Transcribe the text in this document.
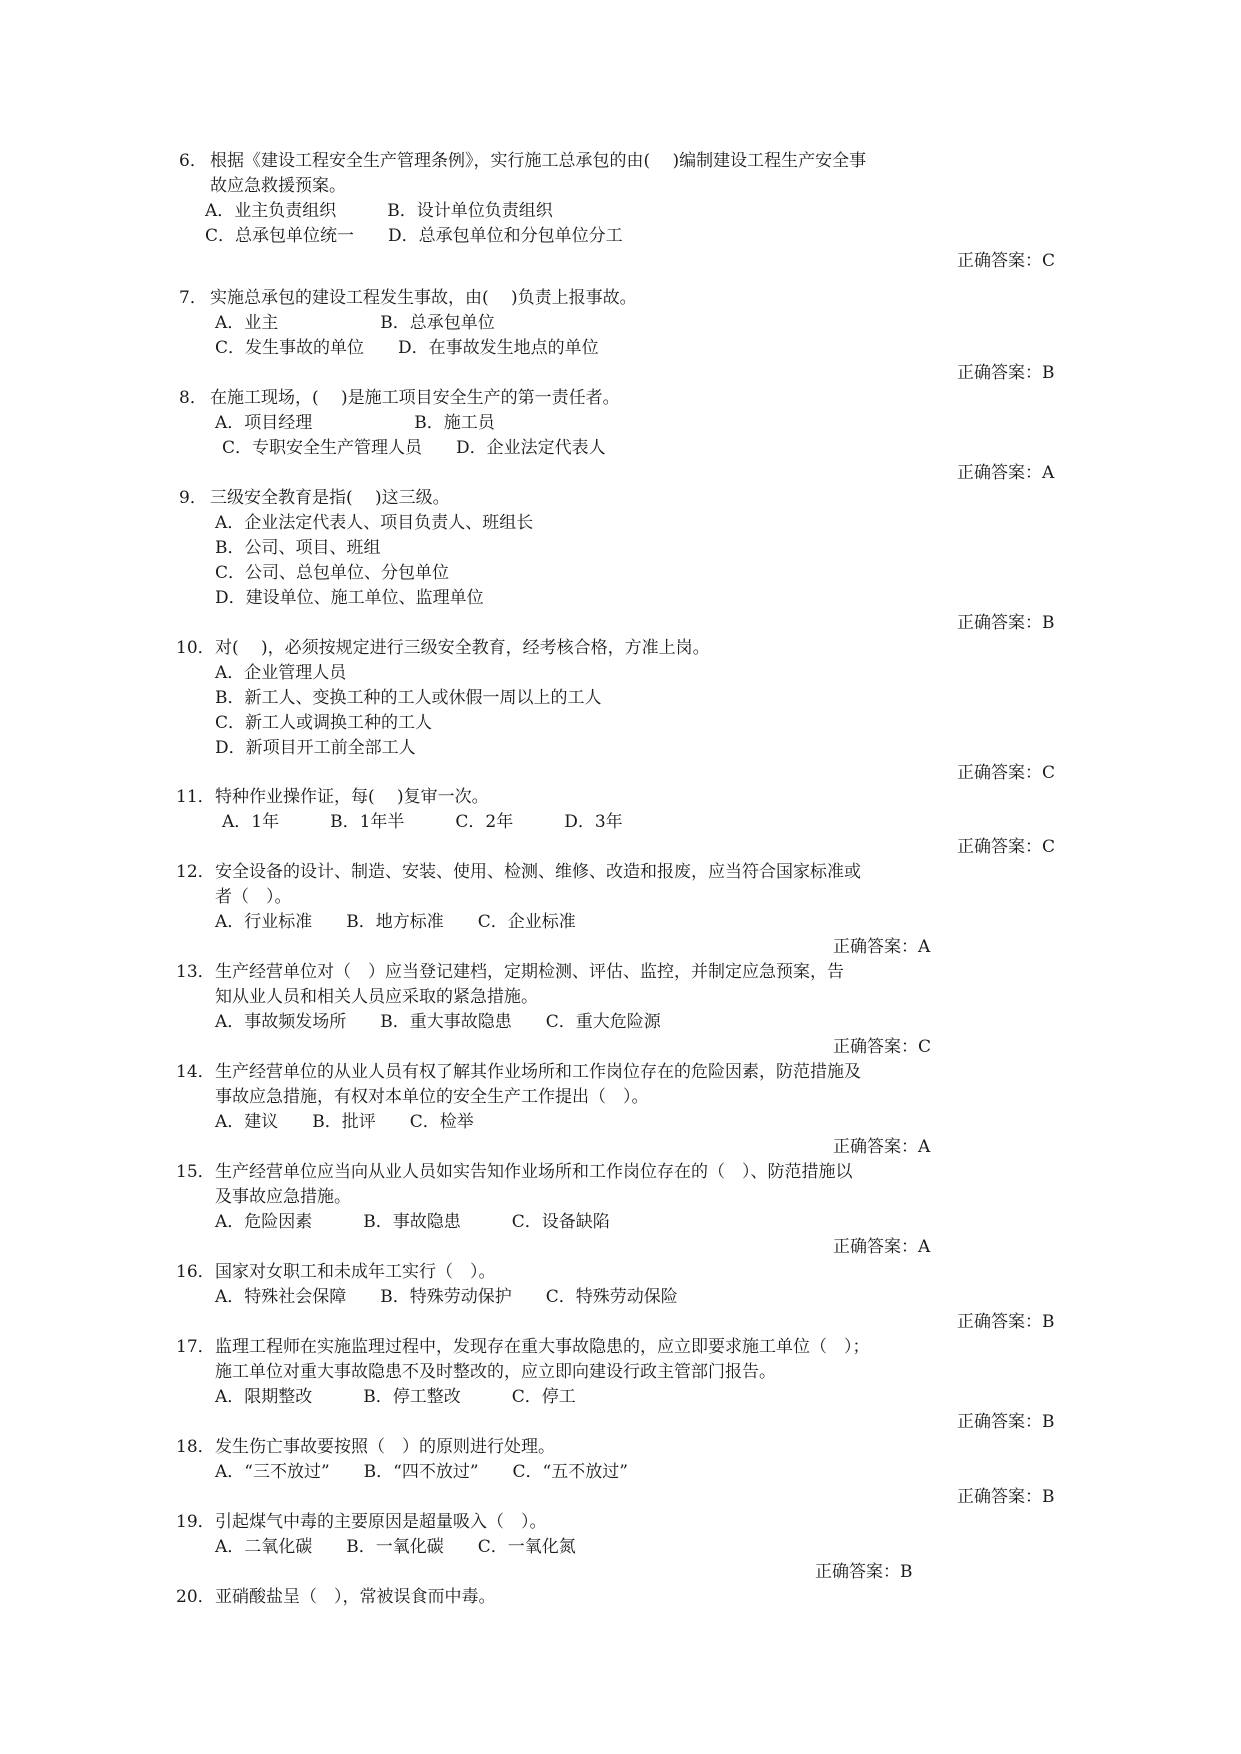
6． 根据《建设工程安全生产管理条例》，实行施工总承包的由(　 )编制建设工程生产安全事
故应急救援预案。
A．业主负责组织　　　B．设计单位负责组织
C．总承包单位统一　　D．总承包单位和分包单位分工
正确答案：C
7． 实施总承包的建设工程发生事故，由(　 )负责上报事故。
A．业主　　　　　　B．总承包单位
C．发生事故的单位　　D．在事故发生地点的单位
正确答案：B
8． 在施工现场，(　 )是施工项目安全生产的第一责任者。
A．项目经理　　　　　　B．施工员
C．专职安全生产管理人员　　D．企业法定代表人
正确答案：A
9． 三级安全教育是指(　 )这三级。
A．企业法定代表人、项目负责人、班组长
B．公司、项目、班组
C．公司、总包单位、分包单位
D．建设单位、施工单位、监理单位
正确答案：B
10． 对(　 )，必须按规定进行三级安全教育，经考核合格，方准上岗。
A．企业管理人员
B．新工人、变换工种的工人或休假一周以上的工人
C．新工人或调换工种的工人
D．新项目开工前全部工人
正确答案：C
11． 特种作业操作证，每(　 )复审一次。
A．1年　　　B．1年半　　　C．2年　　　D．3年
正确答案：C
12． 安全设备的设计、制造、安装、使用、检测、维修、改造和报废，应当符合国家标准或
者（　）。
A．行业标准　　B．地方标准　　C．企业标准
正确答案：A
13． 生产经营单位对（　）应当登记建档，定期检测、评估、监控，并制定应急预案，告
知从业人员和相关人员应采取的紧急措施。
A．事故频发场所　　B．重大事故隐患　　C．重大危险源
正确答案：C
14． 生产经营单位的从业人员有权了解其作业场所和工作岗位存在的危险因素，防范措施及
事故应急措施，有权对本单位的安全生产工作提出（　）。
A．建议　　B．批评　　C．检举
正确答案：A
15． 生产经营单位应当向从业人员如实告知作业场所和工作岗位存在的（　）、防范措施以
及事故应急措施。
A．危险因素　　　B．事故隐患　　　C．设备缺陷
正确答案：A
16． 国家对女职工和未成年工实行（　）。
A．特殊社会保障　　B．特殊劳动保护　　C．特殊劳动保险
正确答案：B
17． 监理工程师在实施监理过程中，发现存在重大事故隐患的，应立即要求施工单位（　）；
施工单位对重大事故隐患不及时整改的，应立即向建设行政主管部门报告。
A．限期整改　　　B．停工整改　　　C．停工
正确答案：B
18． 发生伤亡事故要按照（　）的原则进行处理。
A．“三不放过”　　B．“四不放过”　　C．“五不放过”
正确答案：B
19． 引起煤气中毒的主要原因是超量吸入（　）。
A．二氧化碳　　B．一氧化碳　　C．一氧化氮
正确答案：B
20． 亚硝酸盐呈（　），常被误食而中毒。
